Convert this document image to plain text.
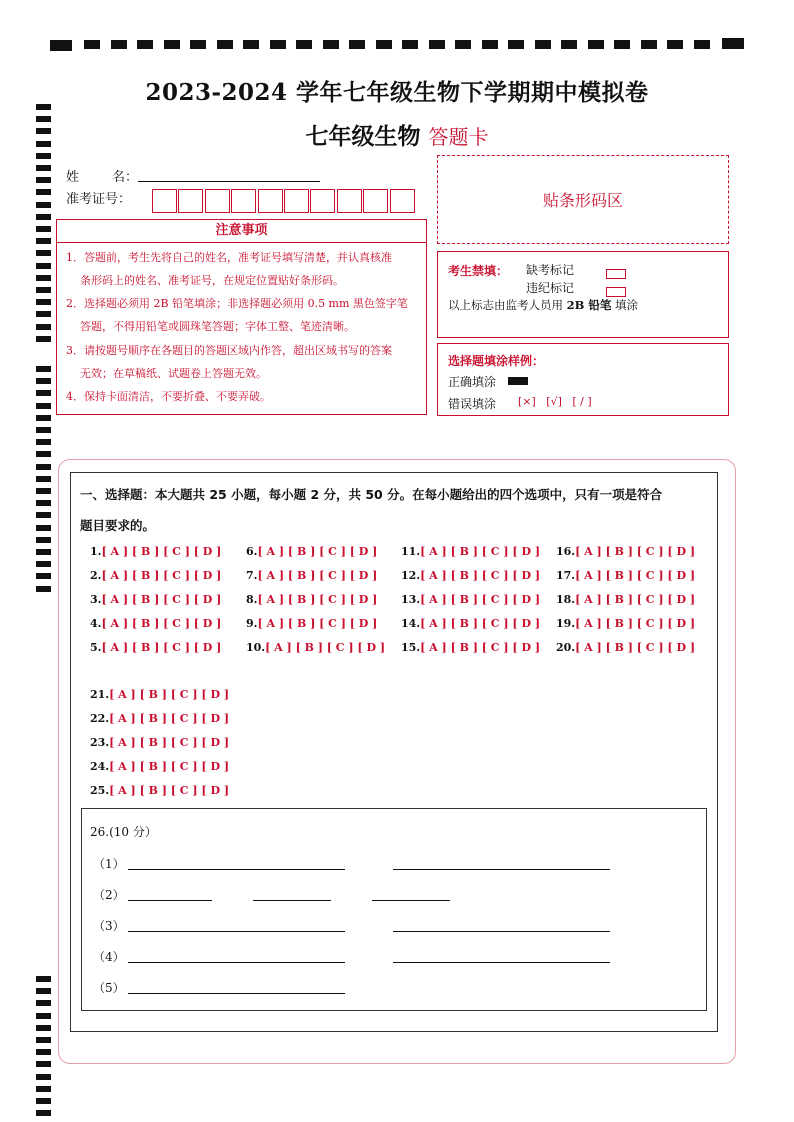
2023-2024 学年七年级生物下学期期中模拟卷
七年级生物 答题卡
姓        名：
准考证号：
注意事项
1．答题前，考生先将自己的姓名，准考证号填写清楚，并认真核准
条形码上的姓名、准考证号，在规定位置贴好条形码。
2．选择题必须用 2B 铅笔填涂；非选择题必须用 0.5 mm 黑色签字笔
答题，不得用铅笔或圆珠笔答题；字体工整、笔迹清晰。
3．请按题号顺序在各题目的答题区域内作答，超出区域书写的答案
无效；在草稿纸、试题卷上答题无效。
4．保持卡面清洁，不要折叠、不要弄破。
贴条形码区
考生禁填： 缺考标记
违纪标记
以上标志由监考人员用 2B 铅笔 填涂
选择题填涂样例：
正确填涂
错误填涂 [×]   [√]   [ / ]
一、选择题：本大题共 25 小题，每小题 2 分，共 50 分。在每小题给出的四个选项中，只有一项是符合
题目要求的。
1.[ A ] [ B ] [ C ] [ D ]
2.[ A ] [ B ] [ C ] [ D ]
3.[ A ] [ B ] [ C ] [ D ]
4.[ A ] [ B ] [ C ] [ D ]
5.[ A ] [ B ] [ C ] [ D ]
6.[ A ] [ B ] [ C ] [ D ]
7.[ A ] [ B ] [ C ] [ D ]
8.[ A ] [ B ] [ C ] [ D ]
9.[ A ] [ B ] [ C ] [ D ]
10.[ A ] [ B ] [ C ] [ D ]
11.[ A ] [ B ] [ C ] [ D ]
12.[ A ] [ B ] [ C ] [ D ]
13.[ A ] [ B ] [ C ] [ D ]
14.[ A ] [ B ] [ C ] [ D ]
15.[ A ] [ B ] [ C ] [ D ]
16.[ A ] [ B ] [ C ] [ D ]
17.[ A ] [ B ] [ C ] [ D ]
18.[ A ] [ B ] [ C ] [ D ]
19.[ A ] [ B ] [ C ] [ D ]
20.[ A ] [ B ] [ C ] [ D ]
21.[ A ] [ B ] [ C ] [ D ]
22.[ A ] [ B ] [ C ] [ D ]
23.[ A ] [ B ] [ C ] [ D ]
24.[ A ] [ B ] [ C ] [ D ]
25.[ A ] [ B ] [ C ] [ D ]
26.(10 分）
（1）
（2）
（3）
（4）
（5）
